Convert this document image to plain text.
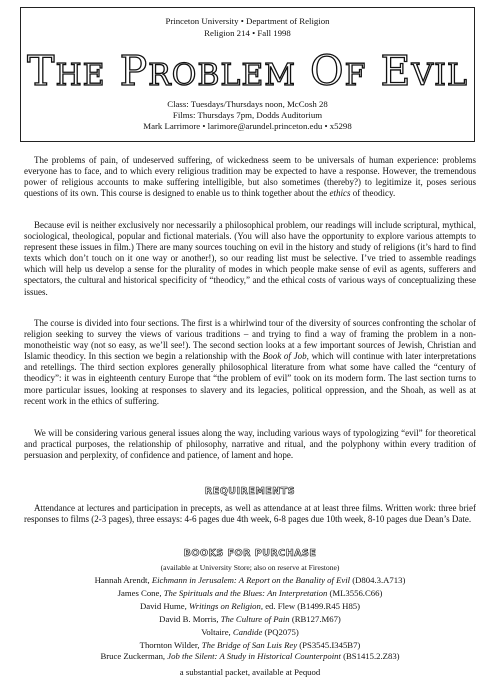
Princeton University • Department of Religion
Religion 214 • Fall 1998
THE PROBLEM OF EVIL
Class: Tuesdays/Thursdays noon, McCosh 28
Films: Thursdays 7pm, Dodds Auditorium
Mark Larrimore • larimore@arundel.princeton.edu • x5298

The problems of pain, of undeserved suffering, of wickedness seem to be universals of human experience: problems everyone has to face, and to which every religious tradition may be expected to have a response. However, the tremendous power of religious accounts to make suffering intelligible, but also sometimes (thereby?) to legitimize it, poses serious questions of its own. This course is designed to enable us to think together about the ethics of theodicy.

Because evil is neither exclusively nor necessarily a philosophical problem, our readings will include scriptural, mythical, sociological, theological, popular and fictional materials. (You will also have the opportunity to explore various attempts to represent these issues in film.) There are many sources touching on evil in the history and study of religions (it’s hard to find texts which don’t touch on it one way or another!), so our reading list must be selective. I’ve tried to assemble readings which will help us develop a sense for the plurality of modes in which people make sense of evil as agents, sufferers and spectators, the cultural and historical specificity of “theodicy,” and the ethical costs of various ways of conceptualizing these issues.

The course is divided into four sections. The first is a whirlwind tour of the diversity of sources confronting the scholar of religion seeking to survey the views of various traditions – and trying to find a way of framing the problem in a non-monotheistic way (not so easy, as we’ll see!). The second section looks at a few important sources of Jewish, Christian and Islamic theodicy. In this section we begin a relationship with the Book of Job, which will continue with later interpretations and retellings. The third section explores generally philosophical literature from what some have called the “century of theodicy”: it was in eighteenth century Europe that “the problem of evil” took on its modern form. The last section turns to more particular issues, looking at responses to slavery and its legacies, political oppression, and the Shoah, as well as at recent work in the ethics of suffering.

We will be considering various general issues along the way, including various ways of typologizing “evil” for theoretical and practical purposes, the relationship of philosophy, narrative and ritual, and the polyphony within every tradition of persuasion and perplexity, of confidence and patience, of lament and hope.

REQUIREMENTS

Attendance at lectures and participation in precepts, as well as attendance at at least three films. Written work: three brief responses to films (2-3 pages), three essays: 4-6 pages due 4th week, 6-8 pages due 10th week, 8-10 pages due Dean’s Date.

BOOKS FOR PURCHASE
(available at University Store; also on reserve at Firestone)
Hannah Arendt, Eichmann in Jerusalem: A Report on the Banality of Evil (D804.3.A713)
James Cone, The Spirituals and the Blues: An Interpretation (ML3556.C66)
David Hume, Writings on Religion, ed. Flew (B1499.R45 H85)
David B. Morris, The Culture of Pain (RB127.M67)
Voltaire, Candide (PQ2075)
Thornton Wilder, The Bridge of San Luis Rey (PS3545.I345B7)
Bruce Zuckerman, Job the Silent: A Study in Historical Counterpoint (BS1415.2.Z83)
a substantial packet, available at Pequod
